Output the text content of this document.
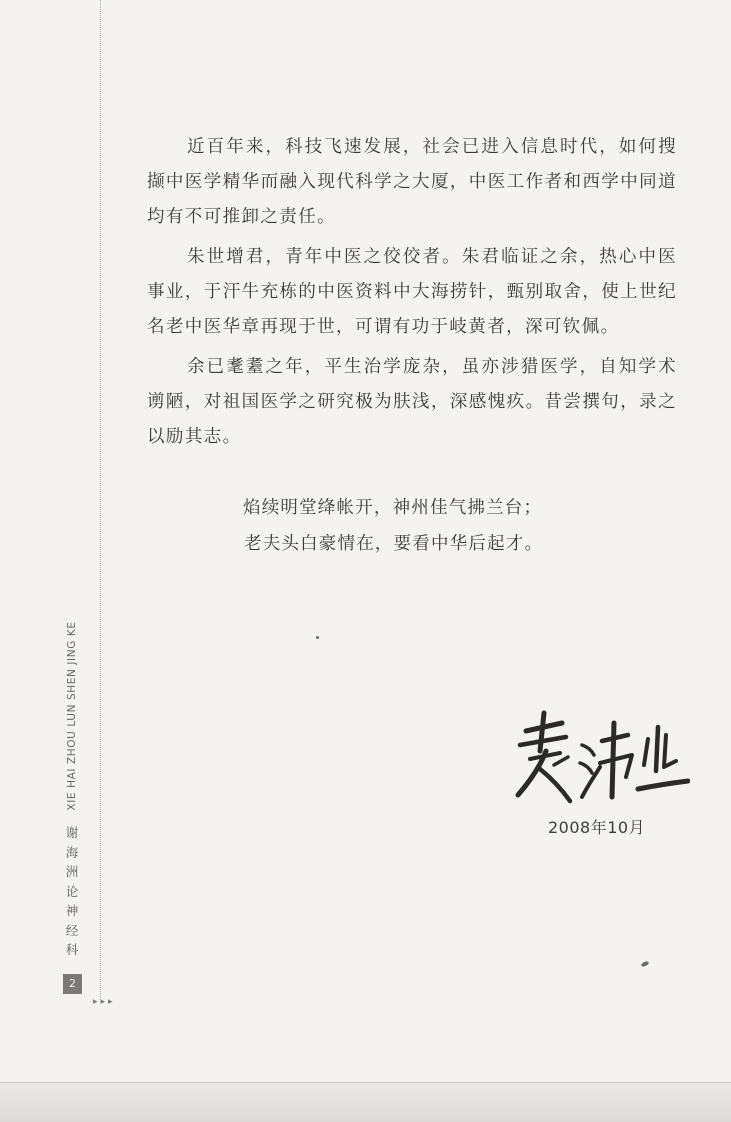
近百年来，科技飞速发展，社会已进入信息时代，如何搜撷中医学精华而融入现代科学之大厦，中医工作者和西学中同道均有不可推卸之责任。

朱世增君，青年中医之佼佼者。朱君临证之余，热心中医事业，于汗牛充栋的中医资料中大海捞针，甄别取舍，使上世纪名老中医华章再现于世，可谓有功于岐黄者，深可钦佩。

余已耄耋之年，平生治学庞杂，虽亦涉猎医学，自知学术谫陋，对祖国医学之研究极为肤浅，深感愧疚。昔尝撰句，录之以励其志。

焰续明堂绛帐开，神州佳气拂兰台；
老夫头白豪情在，要看中华后起才。
2008年10月
XIE HAI ZHOU LUN SHEN JING KE
谢海洲论神经科
2
▸▸▸
